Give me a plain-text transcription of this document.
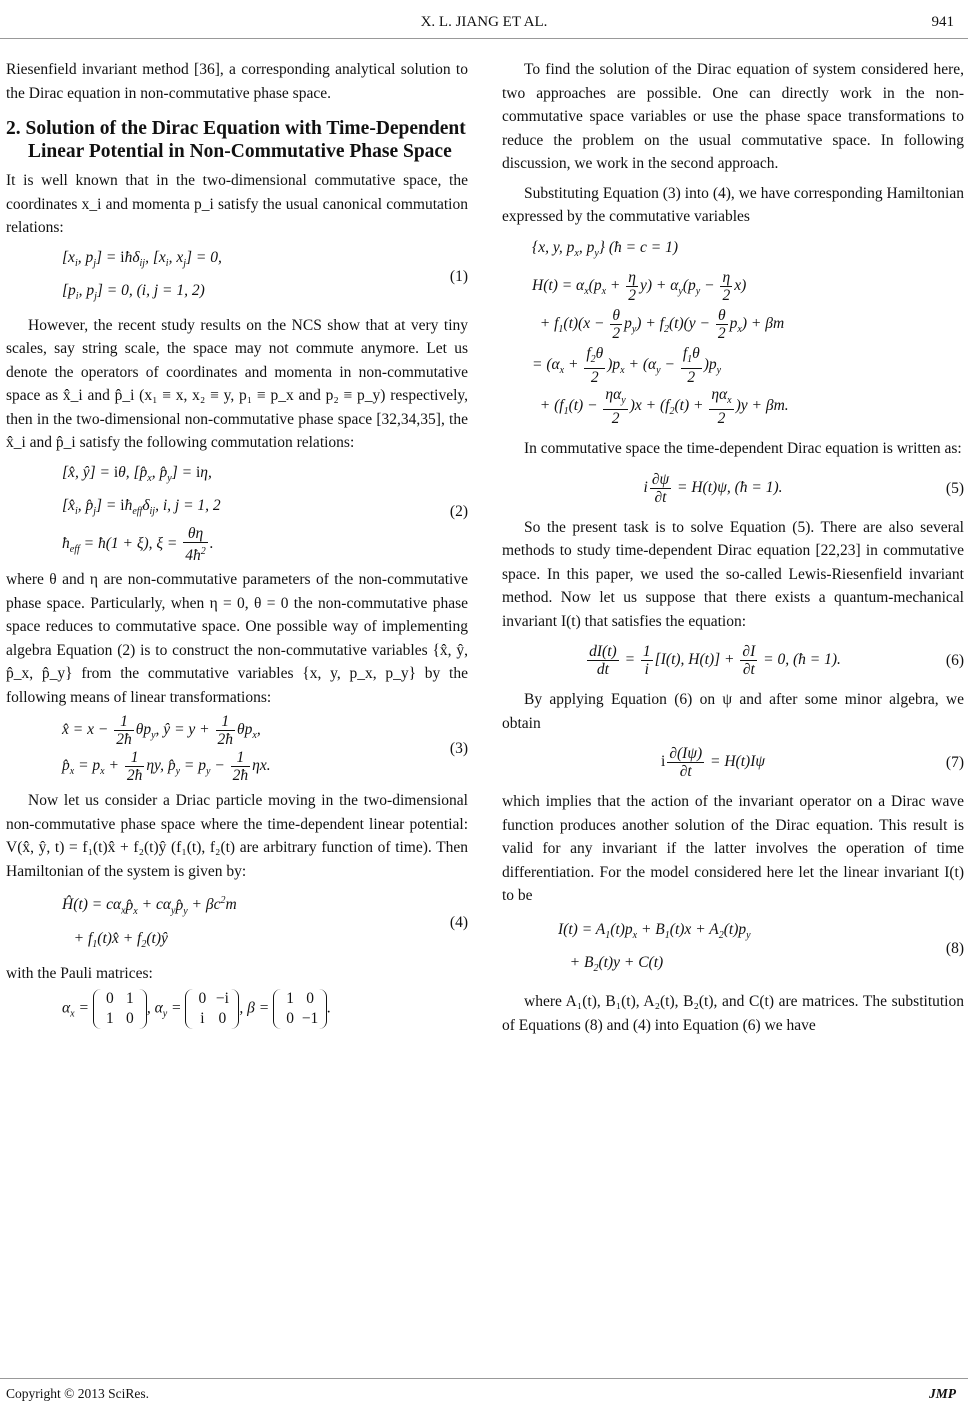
X. L. JIANG ET AL.	941

Riesenfield invariant method [36], a corresponding analytical solution to the Dirac equation in non-commutative phase space.

2. Solution of the Dirac Equation with Time-Dependent Linear Potential in Non-Commutative Phase Space

It is well known that in the two-dimensional commutative space, the coordinates x_i and momenta p_i satisfy the usual canonical commutation relations:

[$x_i$, $p_j$] = iħδ$_{ij}$, [$x_i$, $x_j] = 0$,
[$p_i$, $p_j] = 0$, (i, j = 1, 2)
(1)

However, the recent study results on the NCS show that at very tiny scales, say string scale, the space may not commute anymore. Let us denote the operators of coordinates and momenta in non-commutative space as x̂_i and p̂_i (x₁ ≡ x, x₂ ≡ y, p₁ ≡ p_x and p₂ ≡ p_y) respectively, then in the two-dimensional non-commutative phase space [32,34,35], the x̂_i and p̂_i satisfy the following commutation relations:

[x̂, ŷ] = iθ, [$p̂_x$, $p̂_y] = i\eta$,
[$x̂_i$, $p̂_j$] = $iħ_{eff}\delta_{ij}$, i, j = 1, 2
$ħ_{eff}$ = ħ(1 + ξ), $\xi = \frac{\theta\eta}{4ħ^2}$ .
(2)

where θ and η are non-commutative parameters of the non-commutative phase space. Particularly, when η = 0, θ = 0 the non-commutative phase space reduces to commutative space. One possible way of implementing algebra Equation (2) is to construct the non-commutative variables {x̂, ŷ, p̂_x, p̂_y} from the commutative variables {x, y, p_x, p_y} by the following means of linear transformations:

x̂ = $x - \frac{1}{2ħ} \theta p_y$, ŷ = $y + \frac{1}{2ħ} \theta p_x$,
$p̂_x = p_x + \frac{1}{2ħ} \eta y$, $p̂_y = p_y - \frac{1}{2ħ} \eta x$.
(3)

Now let us consider a Driac particle moving in the two-dimensional non-commutative phase space where the time-dependent linear potential: V(x̂, ŷ, t) = f₁(t)x̂ + f₂(t)ŷ (f₁(t), f₂(t) are arbitrary function of time). Then Hamiltonian of the system is given by:

Ĥ(t) = $c\alpha_xp̂_x$ + $c\alpha_yp̂_y + \beta c^2m$
+ $f_1(t)x̂$ + $f_2(t)ŷ$
(4)

with the Pauli matrices:

$\alpha_x$ =
0 1
1 0
, $\alpha_y$ =
0 −i
i 0
, β =
1 0
0 −1
.

To find the solution of the Dirac equation of system considered here, two approaches are possible. One can directly work in the non-commutative space variables or use the phase space transformations to reduce the problem on the usual commutative space. In following discussion, we work in the second approach.

Substituting Equation (3) into (4), we have corresponding Hamiltonian expressed by the commutative variables

{x, y, $p_x$, $p_y$} (ħ = c = 1)
$H(t) = \alpha_x(p_x + \frac{\eta}{2} y) + \alpha_y(p_y - \frac{\eta}{2} x)$
+ $f_1(t)(x - \frac{\theta}{2} p_y) + f_2(t)(y - \frac{\theta}{2} p_x) + \beta m$
= $(\alpha_x + \frac{f_2\theta}{2} )p_x + (\alpha_y - \frac{f_1\theta}{2} )p_y$
+ $(f_1(t) - \frac{\eta\alpha_y}{2} )x + (f_2(t) + \frac{\eta\alpha_x}{2} )y + \beta m$.

In commutative space the time-dependent Dirac equation is written as:

i $\frac{\partial\psi}{\partial t} = H(t)\psi$, (ħ = 1).	(5)

So the present task is to solve Equation (5). There are also several methods to study time-dependent Dirac equation [22,23] in commutative space. In this paper, we used the so-called Lewis-Riesenfield invariant method. Now let us suppose that there exists a quantum-mechanical invariant I(t) that satisfies the equation:

$\frac{dI(t)}{dt} = \frac{1}{i} [I(t)$, $H(t)] + \frac{\partial I}{\partial t} = 0$, (ħ = 1).	(6)

By applying Equation (6) on ψ and after some minor algebra, we obtain

i $\frac{\partial(I\psi)}{\partial t} = H(t)I\psi$	(7)

which implies that the action of the invariant operator on a Dirac wave function produces another solution of the Dirac equation. This result is valid for any invariant if the latter involves the operation of time differentiation. For the model considered here let the linear invariant I(t) to be

$I(t) = A_1(t)p_x + B_1(t)x + A_2(t)p_y$
+ $B_2(t)y + C(t)$
(8)

where A₁(t), B₁(t), A₂(t), B₂(t), and C(t) are matrices. The substitution of Equations (8) and (4) into Equation (6) we have

Copyright © 2013 SciRes.	JMP
